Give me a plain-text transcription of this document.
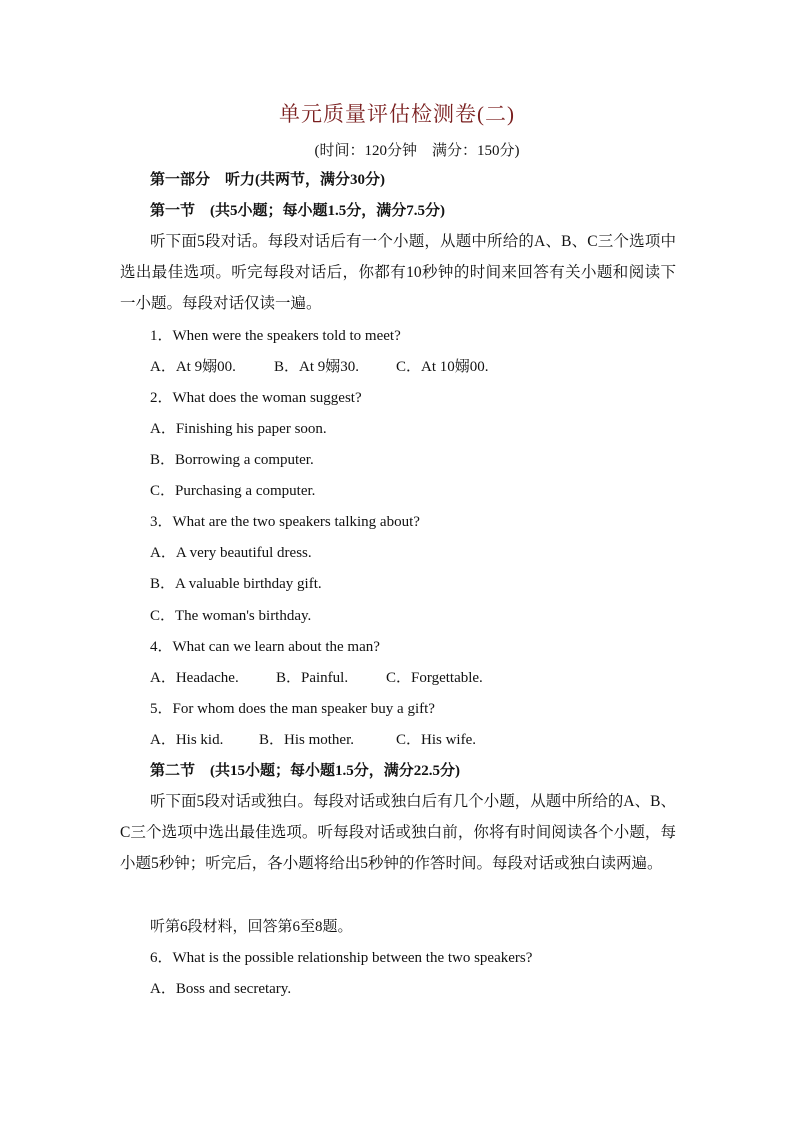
单元质量评估检测卷(二)
(时间：120分钟　满分：150分)
第一部分　听力(共两节，满分30分)
第一节　(共5小题；每小题1.5分，满分7.5分)

听下面5段对话。每段对话后有一个小题，从题中所给的A、B、C三个选项中选出最佳选项。听完每段对话后，你都有10秒钟的时间来回答有关小题和阅读下一小题。每段对话仅读一遍。

1．When were the speakers told to meet?
A．At 9嫋00.	B．At 9嫋30. C．At 10嫋00.
2．What does the woman suggest?
A．Finishing his paper soon.
B．Borrowing a computer.
C．Purchasing a computer.
3．What are the two speakers talking about?
A．A very beautiful dress.
B．A valuable birthday gift.
C．The woman's birthday.
4．What can we learn about the man?
A．Headache. B．Painful.	C．Forgettable.
5．For whom does the man speaker buy a gift?
A．His kid. B．His mother.	C．His wife.
第二节　(共15小题；每小题1.5分，满分22.5分)

听下面5段对话或独白。每段对话或独白后有几个小题，从题中所给的A、B、C三个选项中选出最佳选项。听每段对话或独白前，你将有时间阅读各个小题，每小题5秒钟；听完后，各小题将给出5秒钟的作答时间。每段对话或独白读两遍。

听第6段材料，回答第6至8题。
6．What is the possible relationship between the two speakers?
A．Boss and secretary.
